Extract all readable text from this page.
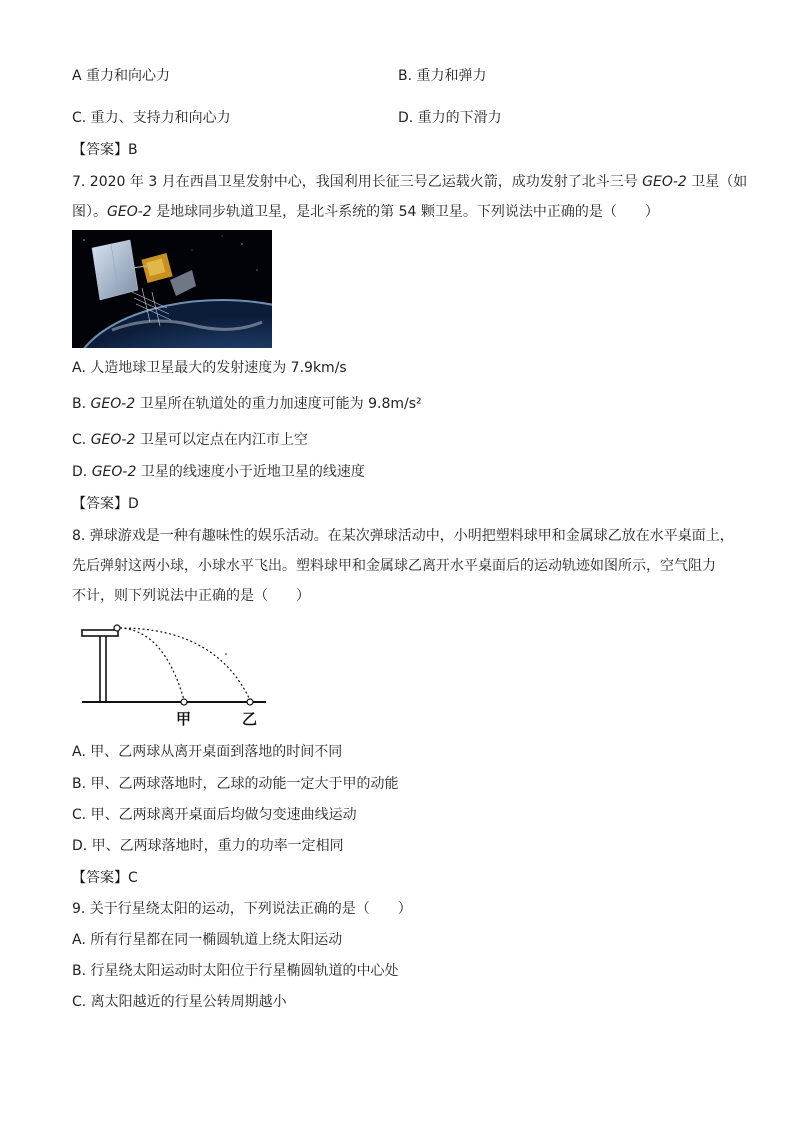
A 重力和向心力	B. 重力和弹力
C. 重力、支持力和向心力	D. 重力的下滑力
【答案】B
7. 2020 年 3 月在西昌卫星发射中心，我国利用长征三号乙运载火箭，成功发射了北斗三号 GEO-2 卫星（如
图）。GEO-2 是地球同步轨道卫星，是北斗系统的第 54 颗卫星。下列说法中正确的是（　　）
A. 人造地球卫星最大的发射速度为 7.9km/s
B. GEO-2 卫星所在轨道处的重力加速度可能为 9.8m/s²
C. GEO-2 卫星可以定点在内江市上空
D. GEO-2 卫星的线速度小于近地卫星的线速度
【答案】D
8. 弹球游戏是一种有趣味性的娱乐活动。在某次弹球活动中，小明把塑料球甲和金属球乙放在水平桌面上，
先后弹射这两小球，小球水平飞出。塑料球甲和金属球乙离开水平桌面后的运动轨迹如图所示，空气阻力
不计，则下列说法中正确的是（　　）
甲	乙
A. 甲、乙两球从离开桌面到落地的时间不同
B. 甲、乙两球落地时，乙球的动能一定大于甲的动能
C. 甲、乙两球离开桌面后均做匀变速曲线运动
D. 甲、乙两球落地时，重力的功率一定相同
【答案】C
9. 关于行星绕太阳的运动，下列说法正确的是（　　）
A. 所有行星都在同一椭圆轨道上绕太阳运动
B. 行星绕太阳运动时太阳位于行星椭圆轨道的中心处
C. 离太阳越近的行星公转周期越小
